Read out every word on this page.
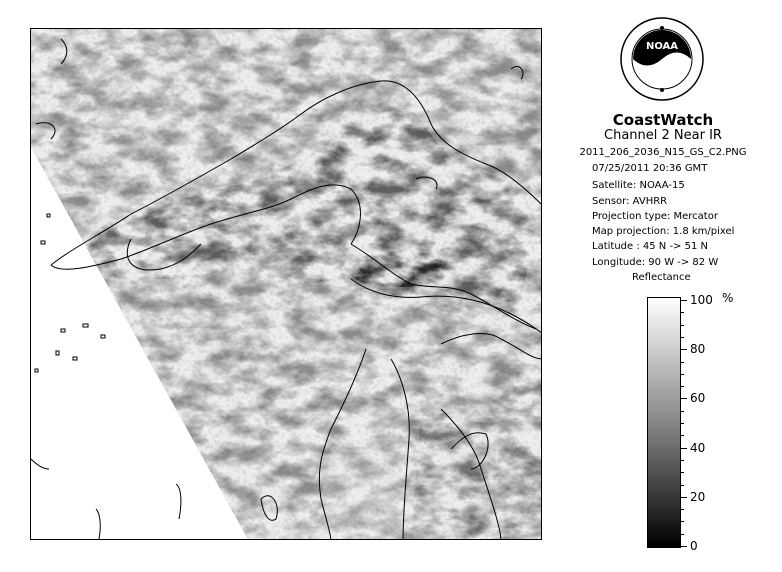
NOAA
CoastWatch
Channel 2 Near IR
2011_206_2036_N15_GS_C2.PNG
07/25/2011 20:36 GMT
Satellite: NOAA-15
Sensor: AVHRR
Projection type: Mercator
Map projection: 1.8 km/pixel
Latitude : 45 N -> 51 N
Longitude: 90 W -> 82 W
Reflectance
%
100
80
60
40
20
0
